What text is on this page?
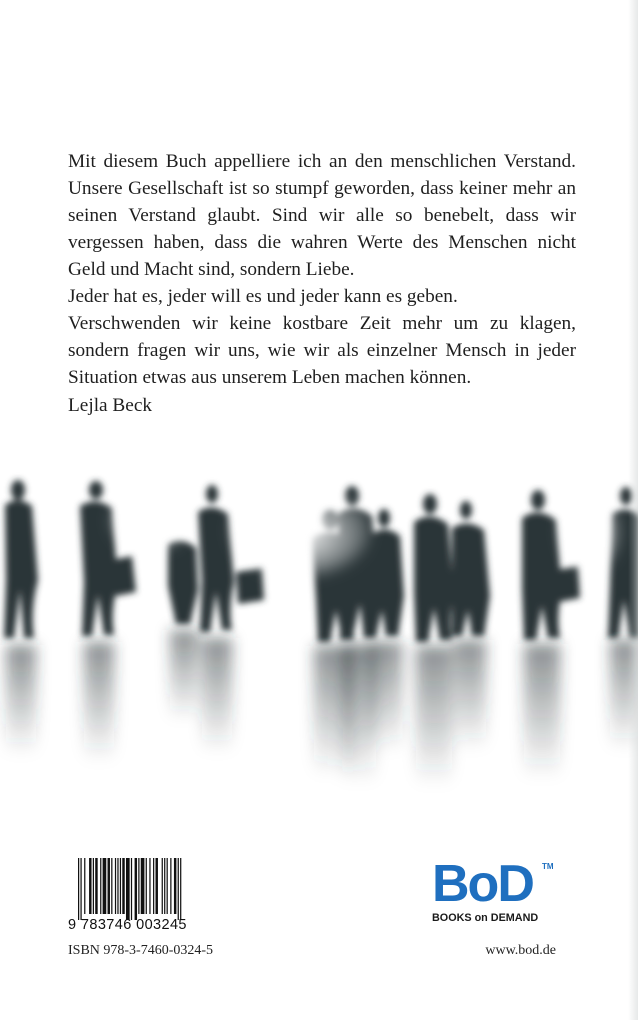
Mit diesem Buch appelliere ich an den menschlichen Verstand. Unsere Gesellschaft ist so stumpf geworden, dass keiner mehr an seinen Verstand glaubt. Sind wir alle so benebelt, dass wir vergessen haben, dass die wahren Werte des Menschen nicht Geld und Macht sind, sondern Liebe.

Jeder hat es, jeder will es und jeder kann es geben.

Verschwenden wir keine kostbare Zeit mehr um zu klagen, sondern fragen wir uns, wie wir als einzelner Mensch in jeder Situation etwas aus unserem Leben machen können.

Lejla Beck
9 783746 003245
ISBN 978-3-7460-0324-5
BoD TM
BOOKS on DEMAND
www.bod.de
